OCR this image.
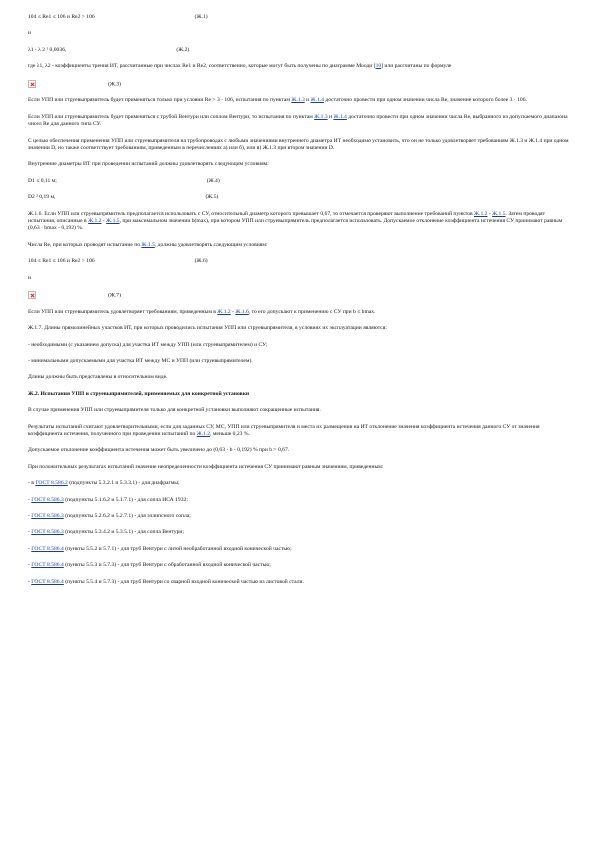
104 ≤ Re1 ≤ 106 и Re2 > 106	(Ж.1)
и
λ1 - λ 2 ² 0,0036,	(Ж.2)
где λ1, λ2 - коэффициенты трения ИТ, рассчитанные при числах Re1 и Re2, соответственно, которые могут быть получены по диаграмме Мооди [10] или рассчитаны по формуле
(Ж.3)
Если УПП или струевыпрямитель будет применяться только при условии Re > 3 · 106, испытания по пунктам Ж.1.3 и Ж.1.4 достаточно провести при одном значении числа Re, значение которого более 3 · 106.
Если УПП или струевыпрямитель будет применяться с трубой Вентури или соплом Вентури, то испытания по пунктам Ж.1.3 и Ж.1.4 достаточно провести при одном значении числа Re, выбранного из допускаемого диапазона чисел Re для данного типа СУ.
С целью обеспечения применения УПП или струевыпрямителя на трубопроводах с любыми значениями внутреннего диаметра ИТ необходимо установить, что он не только удовлетворяет требованиям Ж.1.3 и Ж.1.4 при одном значении D, но также соответствует требованиям, приведенным в перечислениях а) или б), или в) Ж.1.3 при втором значении D.
Внутренние диаметры ИТ при проведении испытаний должны удовлетворять следующим условиям:
D1 ≤ 0,11 м;	(Ж.4)
D2 ² 0,19 м,	(Ж.5)
Ж.1.6. Если УПП или струевыпрямитель предполагается использовать с СУ, относительный диаметр которого превышает 0,67, то отмечается проверяют выполнение требований пунктов Ж.1.2 - Ж.1.5. Затем проводят испытания, описанные в Ж.1.2 - Ж.1.5, при максимальном значении b(max), при котором УПП или струевыпрямитель предполагается использовать. Допускаемое отклонение коэффициента истечения СУ принимают равным (0,63 · bmax - 0,192) %.
Числа Re, при которых проводят испытание по Ж.1.5, должны удовлетворять следующим условиям:
104 ≤ Re1 ≤ 106 и Re2 > 106	(Ж.6)
и
(Ж.7)
Если УПП или струевыпрямитель удовлетворяет требованиям, приведенным в Ж.1.2 - Ж.1.6, то его допускают к применению с СУ при b ≤ bmax.
Ж.1.7. Длины прямолинейных участков ИТ, при которых проводились испытания УПП или струевыпрямителя, в условиях их эксплуатации являются:
- необходимыми (с указанием допуска) для участка ИТ между УПП (или струевыпрямителем) и СУ;
- минимальными допускаемыми для участка ИТ между МС и УПП (или струевыпрямителем).
Длины должны быть представлены в относительном виде.
Ж.2. Испытания УПП и струевыпрямителей, применяемых для конкретной установки
В случае применения УПП или струевыпрямителя только для конкретной установки выполняют сокращенные испытания.
Результаты испытаний считают удовлетворительными, если для заданных СУ, МС, УПП или струевыпрямителя и места их размещения на ИТ отклонение значения коэффициента истечения данного СУ от значения коэффициента истечения, полученного при проведении испытаний по Ж.1.2, меньше 0,23 %.
Допускаемое отклонение коэффициента истечения может быть увеличено до (0,63 · b - 0,192) % при b > 0,67.
При положительных результатах испытаний значение неопределенности коэффициента истечения СУ принимают равным значениям, приведенным:
- в ГОСТ 8.586.2 (подпункты 5.3.2.1 и 5.3.3.1) - для диафрагмы;
- ГОСТ 8.586.3 (подпункты 5.1.6.2 и 5.1.7.1) - для сопла ИСА 1932;
- ГОСТ 8.586.3 (подпункты 5.2.6.2 и 5.2.7.1) - для эллипсного сопла;
- ГОСТ 8.586.3 (подпункты 5.3.4.2 и 5.3.5.1) - для сопла Вентури;
- ГОСТ 8.586.4 (пункты 5.5.2 и 5.7.1) - для труб Вентури с литой необработанной входной конической частью;
- ГОСТ 8.586.4 (пункты 5.5.3 и 5.7.3) - для труб Вентури с обработанной входной конической частью;
- ГОСТ 8.586.4 (пункты 5.5.4 и 5.7.3) - для труб Вентури со сварной входной конической частью из листовой стали.
